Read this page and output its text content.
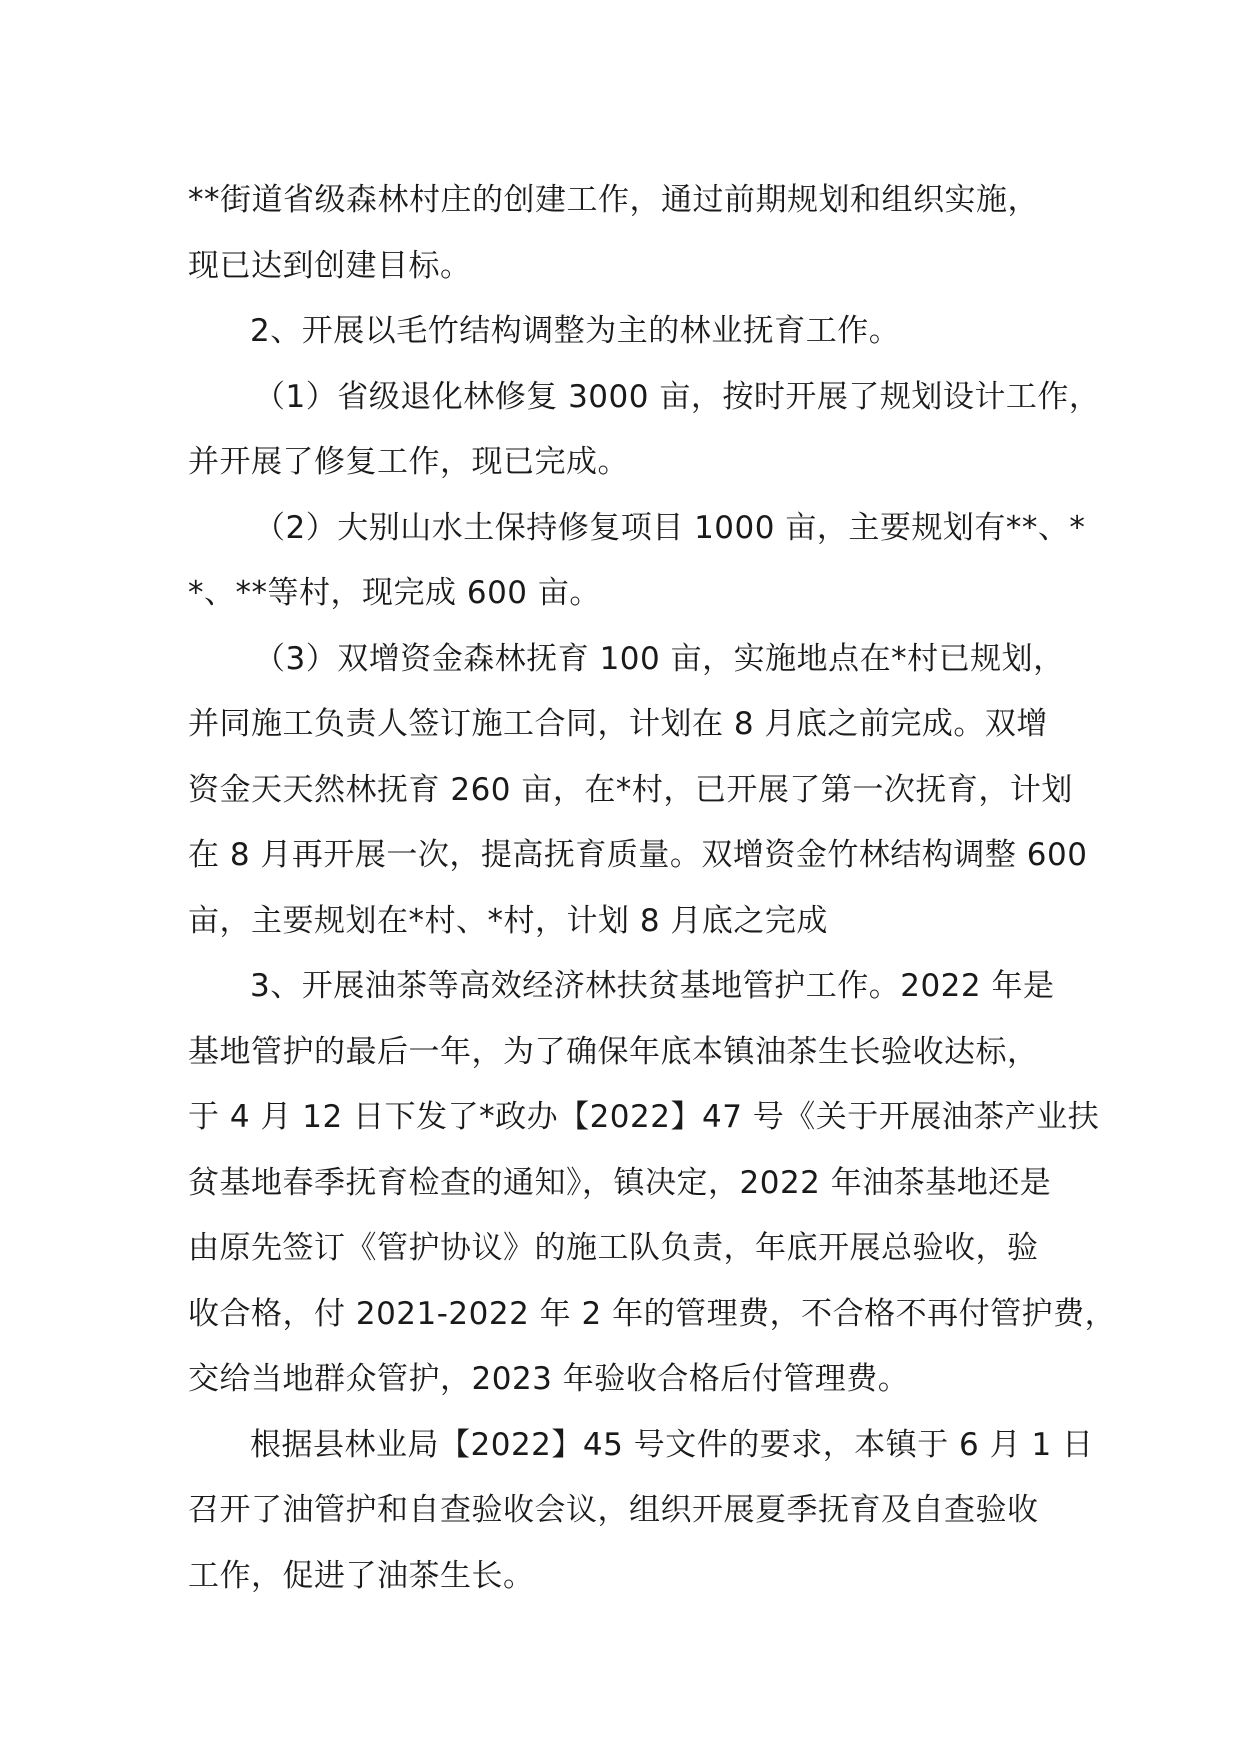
**街道省级森林村庄的创建工作，通过前期规划和组织实施，
现已达到创建目标。
2、开展以毛竹结构调整为主的林业抚育工作。
（1）省级退化林修复 3000 亩，按时开展了规划设计工作，
并开展了修复工作，现已完成。
（2）大别山水土保持修复项目 1000 亩，主要规划有**、*
*、**等村，现完成 600 亩。
（3）双增资金森林抚育 100 亩，实施地点在*村已规划，
并同施工负责人签订施工合同，计划在 8 月底之前完成。双增
资金天天然林抚育 260 亩，在*村，已开展了第一次抚育，计划
在 8 月再开展一次，提高抚育质量。双增资金竹林结构调整 600
亩，主要规划在*村、*村，计划 8 月底之完成
3、开展油茶等高效经济林扶贫基地管护工作。2022 年是
基地管护的最后一年，为了确保年底本镇油茶生长验收达标，
于 4 月 12 日下发了*政办【2022】47 号《关于开展油茶产业扶
贫基地春季抚育检查的通知》，镇决定，2022 年油茶基地还是
由原先签订《管护协议》的施工队负责，年底开展总验收，验
收合格，付 2021-2022 年 2 年的管理费，不合格不再付管护费，
交给当地群众管护，2023 年验收合格后付管理费。
根据县林业局【2022】45 号文件的要求，本镇于 6 月 1 日
召开了油管护和自查验收会议，组织开展夏季抚育及自查验收
工作，促进了油茶生长。
